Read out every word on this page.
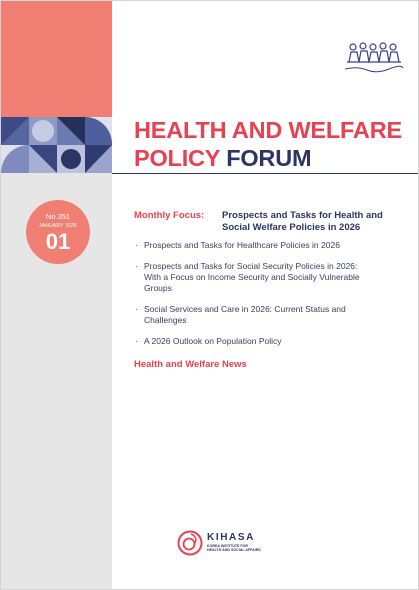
HEALTH AND WELFARE
POLICY FORUM
No.351
JANUARY 2026
01
Monthly Focus: Prospects and Tasks for Health and Social Welfare Policies in 2026
· Prospects and Tasks for Healthcare Policies in 2026
· Prospects and Tasks for Social Security Policies in 2026: With a Focus on Income Security and Socially Vulnerable Groups
· Social Services and Care in 2026: Current Status and Challenges
· A 2026 Outlook on Population Policy
Health and Welfare News
KIHASA
KOREA INSTITUTE FOR
HEALTH AND SOCIAL AFFAIRS
